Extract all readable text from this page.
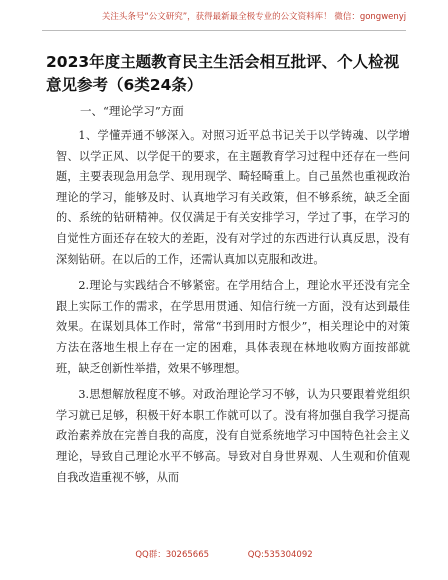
关注头条号“公文研究”，获得最新最全极专业的公文资料库！ 微信：gongwenyj
2023年度主题教育民主生活会相互批评、个人检视意见参考（6类24条）
一、“理论学习”方面

1、学懂弄通不够深入。对照习近平总书记关于以学铸魂、以学增智、以学正风、以学促干的要求，在主题教育学习过程中还存在一些问题，主要表现急用急学、现用现学、畸轻畸重上。自己虽然也重视政治理论的学习，能够及时、认真地学习有关政策，但不够系统，缺乏全面的、系统的钻研精神。仅仅满足于有关安排学习，学过了事，在学习的自觉性方面还存在较大的差距，没有对学过的东西进行认真反思，没有深刻钻研。在以后的工作，还需认真加以克服和改进。

2.理论与实践结合不够紧密。在学用结合上，理论水平还没有完全跟上实际工作的需求，在学思用贯通、知信行统一方面，没有达到最佳效果。在谋划具体工作时，常常“书到用时方恨少”，相关理论中的对策方法在落地生根上存在一定的困难，具体表现在林地收购方面按部就班，缺乏创新性举措，效果不够理想。

3.思想解放程度不够。对政治理论学习不够，认为只要跟着党组织学习就已足够，积极干好本职工作就可以了。没有将加强自我学习提高政治素养放在完善自我的高度，没有自觉系统地学习中国特色社会主义理论，导致自己理论水平不够高。导致对自身世界观、人生观和价值观自我改造重视不够，从而

QQ群：30265665	QQ:535304092
